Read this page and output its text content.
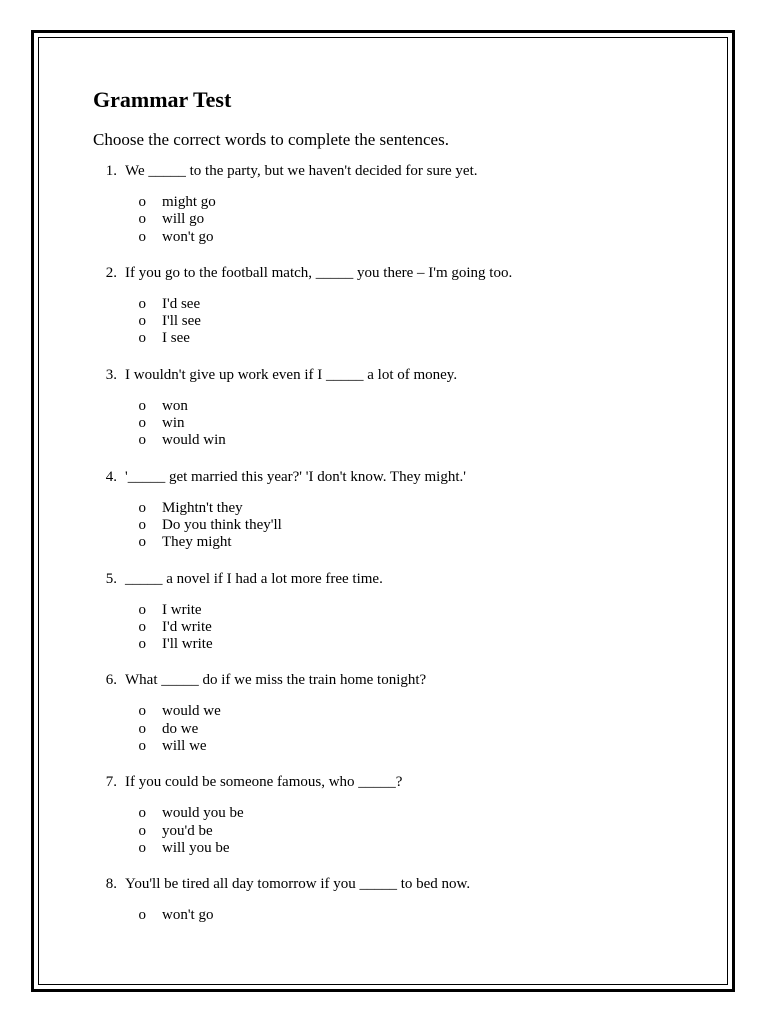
Grammar Test

Choose the correct words to complete the sentences.

1. We _____ to the party, but we haven't decided for sure yet.
o	might go
o	will go
o	won't go
2. If you go to the football match, _____ you there – I'm going too.
o	I'd see
o	I'll see
o	I see
3. I wouldn't give up work even if I _____ a lot of money.
o	won
o	win
o	would win
4. '_____ get married this year?' 'I don't know. They might.'
o	Mightn't they
o	Do you think they'll
o	They might
5. _____ a novel if I had a lot more free time.
o	I write
o	I'd write
o	I'll write
6. What _____ do if we miss the train home tonight?
o	would we
o	do we
o	will we
7. If you could be someone famous, who _____?
o	would you be
o	you'd be
o	will you be
8. You'll be tired all day tomorrow if you _____ to bed now.
o	won't go
